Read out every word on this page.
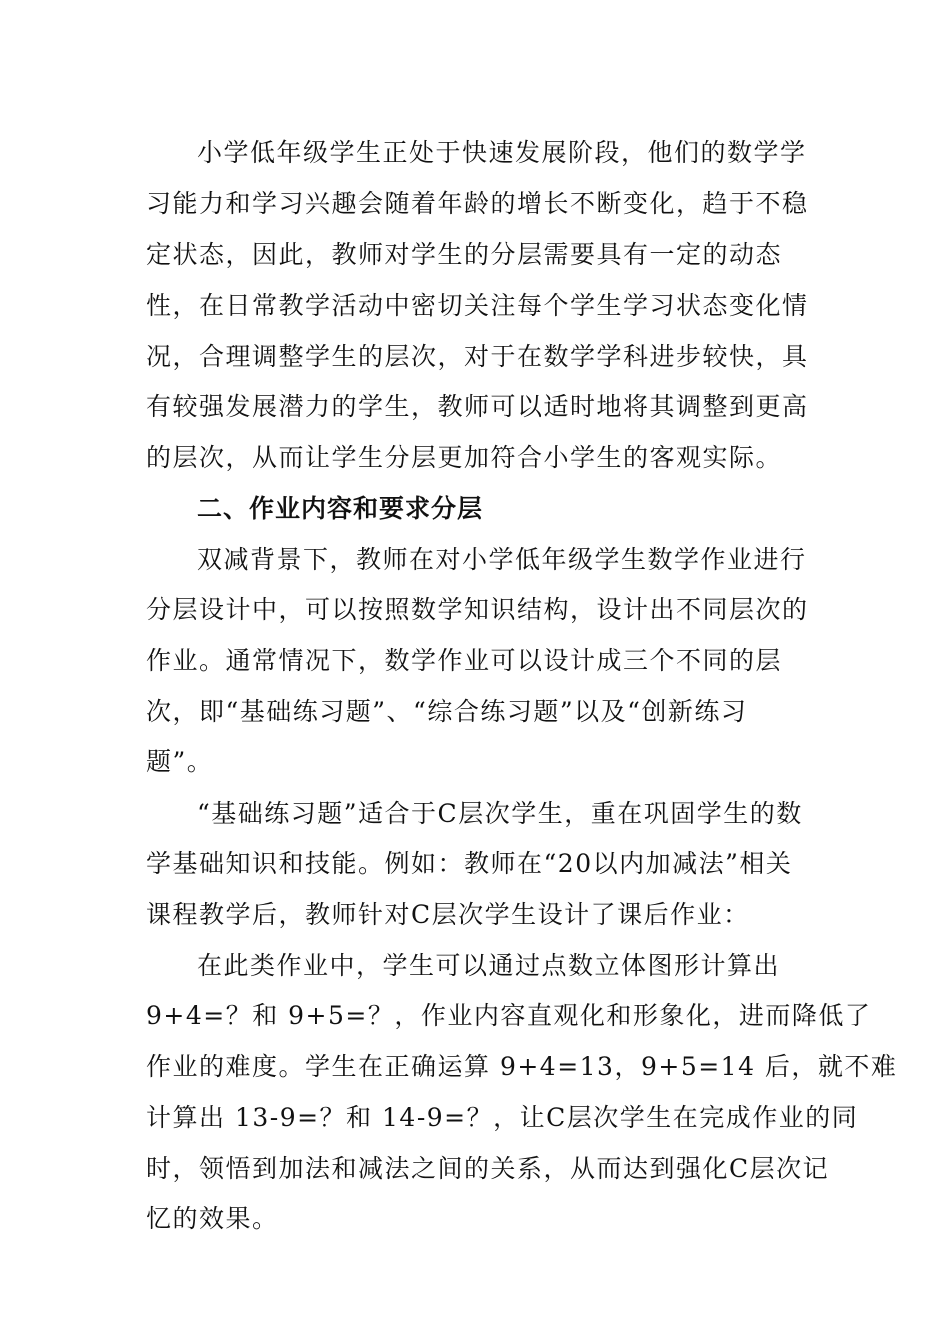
小学低年级学生正处于快速发展阶段，他们的数学学
习能力和学习兴趣会随着年龄的增长不断变化，趋于不稳
定状态，因此，教师对学生的分层需要具有一定的动态
性，在日常教学活动中密切关注每个学生学习状态变化情
况，合理调整学生的层次，对于在数学学科进步较快，具
有较强发展潜力的学生，教师可以适时地将其调整到更高
的层次，从而让学生分层更加符合小学生的客观实际。
二、作业内容和要求分层
双减背景下，教师在对小学低年级学生数学作业进行
分层设计中，可以按照数学知识结构，设计出不同层次的
作业。通常情况下，数学作业可以设计成三个不同的层
次，即“基础练习题”、“综合练习题”以及“创新练习
题”。
“基础练习题”适合于C层次学生，重在巩固学生的数
学基础知识和技能。例如：教师在“20以内加减法”相关
课程教学后，教师针对C层次学生设计了课后作业：
在此类作业中，学生可以通过点数立体图形计算出
9+4=？和 9+5=？，作业内容直观化和形象化，进而降低了
作业的难度。学生在正确运算 9+4=13，9+5=14 后，就不难
计算出 13-9=？和 14-9=？，让C层次学生在完成作业的同
时，领悟到加法和减法之间的关系，从而达到强化C层次记
忆的效果。
